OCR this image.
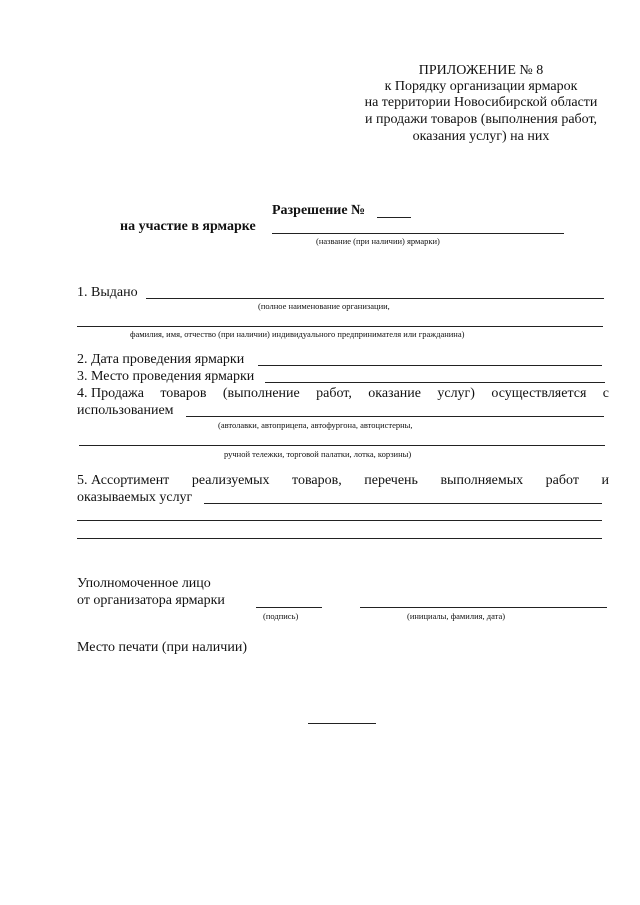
ПРИЛОЖЕНИЕ № 8
к Порядку организации ярмарок
на территории Новосибирской области
и продажи товаров (выполнения работ,
оказания услуг) на них
Разрешение №
на участие в ярмарке
(название (при наличии) ярмарки)
1. Выдано
(полное наименование организации,
фамилия, имя, отчество (при наличии) индивидуального предпринимателя или гражданина)
2. Дата проведения ярмарки
3. Место проведения ярмарки
4. Продажа товаров (выполнение работ, оказание услуг) осуществляется с
использованием
(автолавки, автоприцепа, автофургона, автоцистерны,
ручной тележки, торговой палатки, лотка, корзины)
5. Ассортимент реализуемых товаров, перечень выполняемых работ и
оказываемых услуг
Уполномоченное лицо
от организатора ярмарки
(подпись)	(инициалы, фамилия, дата)
Место печати (при наличии)
